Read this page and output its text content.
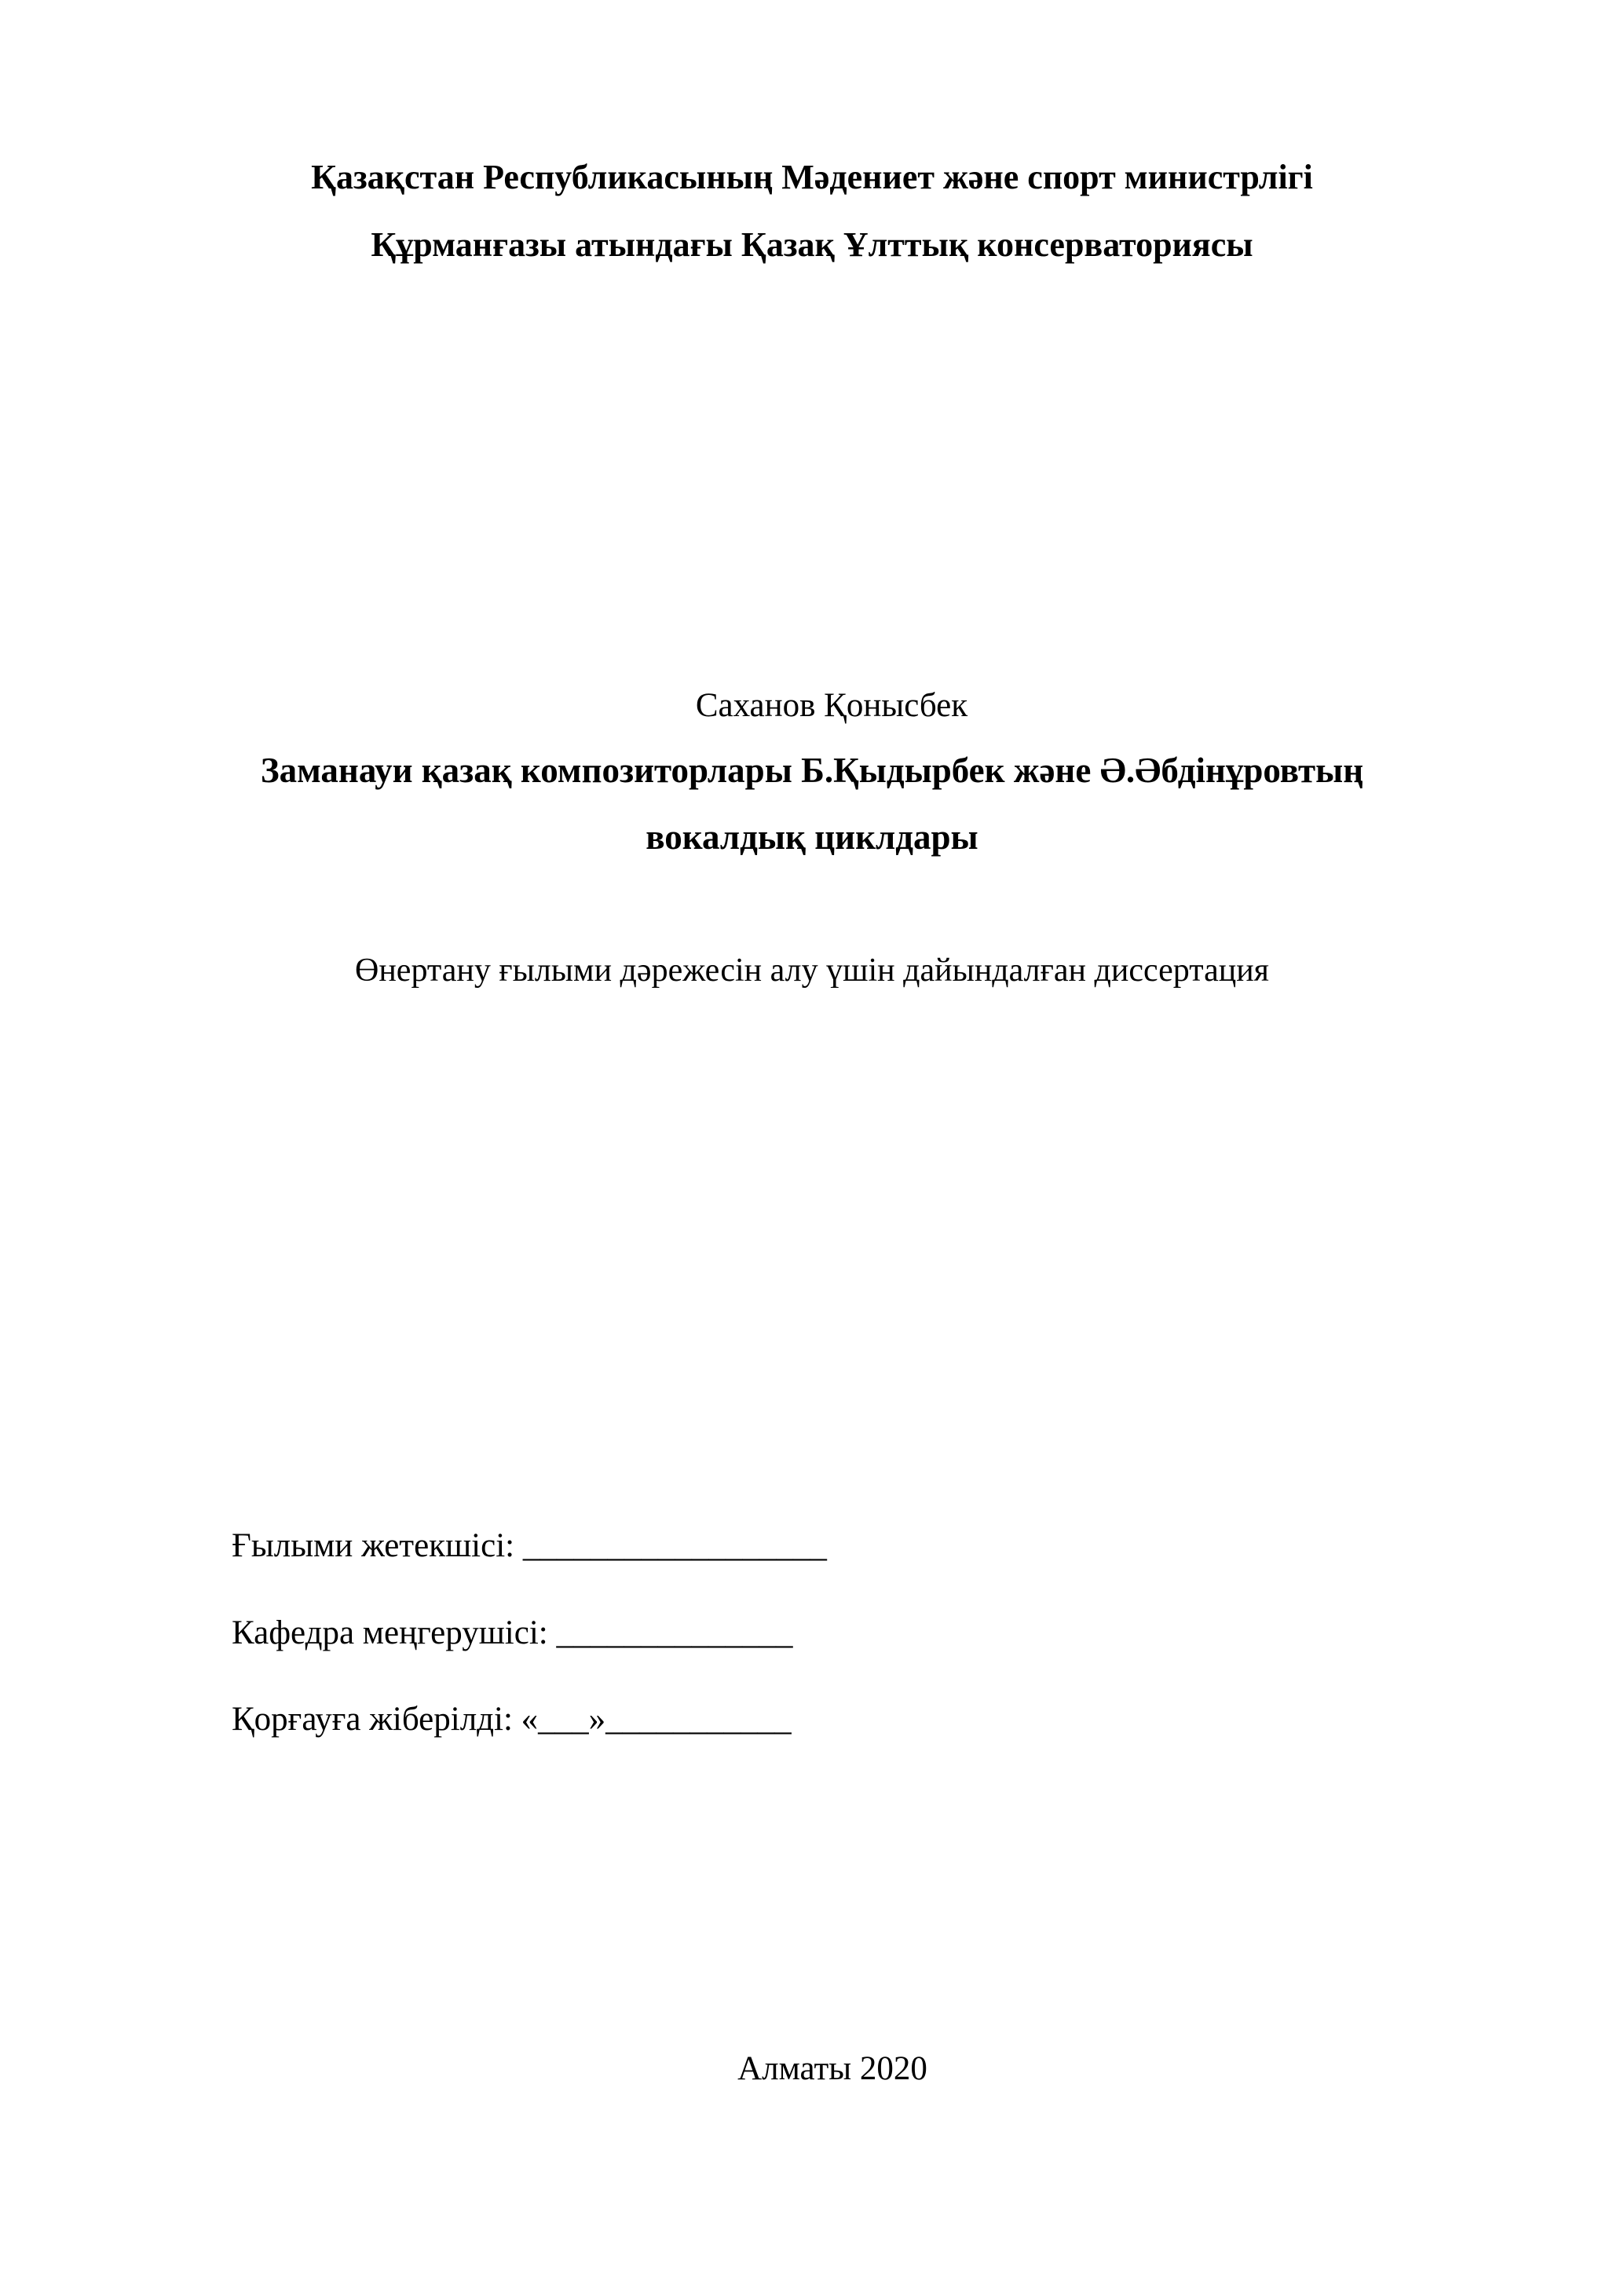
Қазақстан Республикасының Мәдениет және спорт министрлігі
Құрманғазы атындағы Қазақ Ұлттық консерваториясы
Саханов Қонысбек
Заманауи қазақ композиторлары Б.Қыдырбек және Ә.Әбдінұровтың
вокалдық циклдары
Өнертану ғылыми дәрежесін алу үшін дайындалған диссертация
Ғылыми жетекшісі: __________________
Кафедра меңгерушісі: ______________
Қорғауға жіберілді: «___»___________
Алматы 2020
